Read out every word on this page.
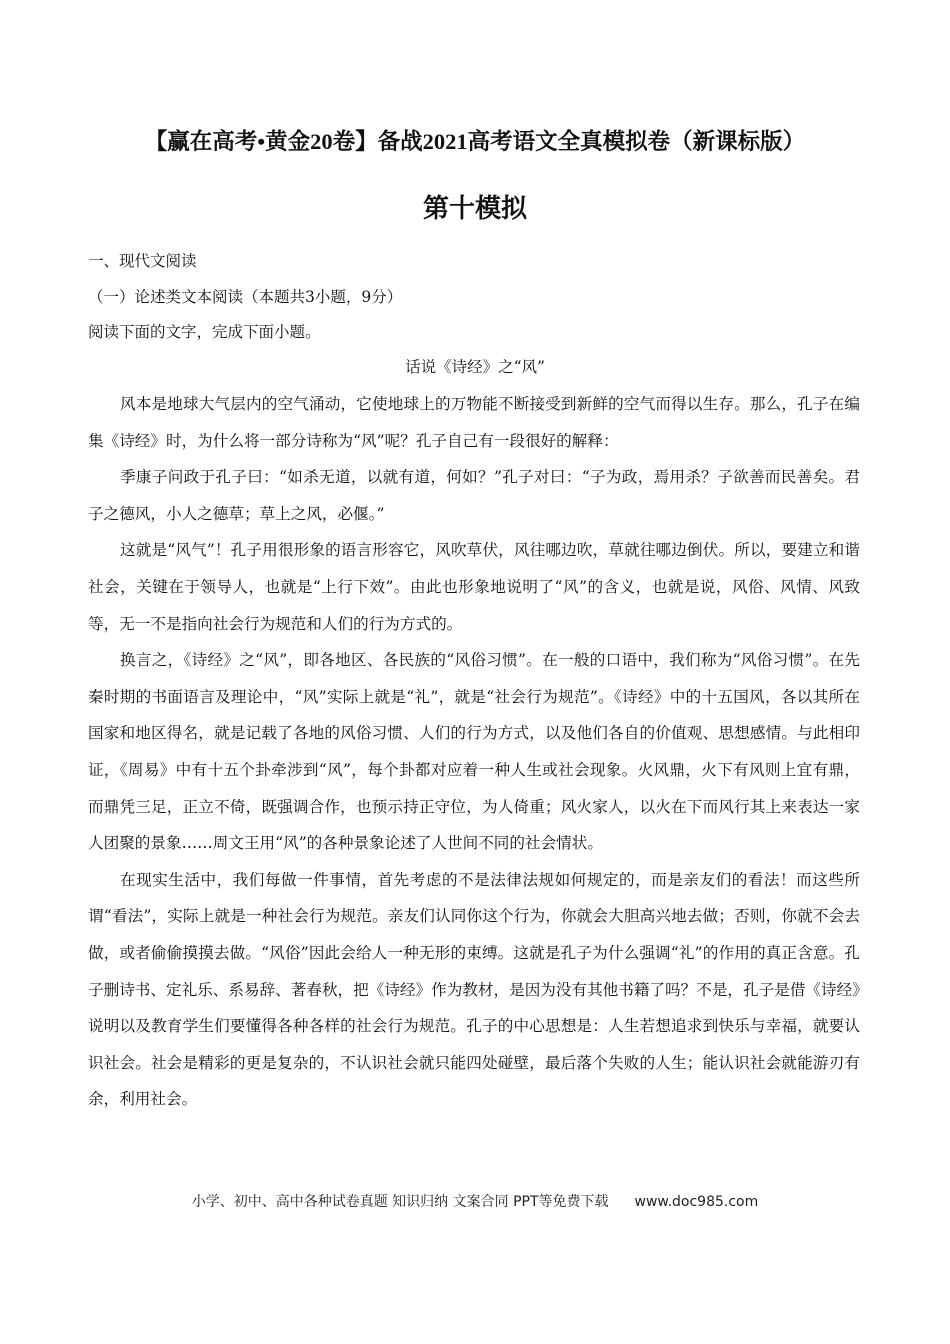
【赢在高考•黄金20卷】备战2021高考语文全真模拟卷（新课标版）
第十模拟
一、现代文阅读
（一）论述类文本阅读（本题共3小题，9分）
阅读下面的文字，完成下面小题。
话说《诗经》之“风”

风本是地球大气层内的空气涌动，它使地球上的万物能不断接受到新鲜的空气而得以生存。那么，孔子在编集《诗经》时，为什么将一部分诗称为“风”呢？孔子自己有一段很好的解释：

季康子问政于孔子曰：“如杀无道，以就有道，何如？”孔子对曰：“子为政，焉用杀？子欲善而民善矣。君子之德风，小人之德草；草上之风，必偃。”

这就是“风气”！孔子用很形象的语言形容它，风吹草伏，风往哪边吹，草就往哪边倒伏。所以，要建立和谐社会，关键在于领导人，也就是“上行下效”。由此也形象地说明了“风”的含义，也就是说，风俗、风情、风致等，无一不是指向社会行为规范和人们的行为方式的。

换言之，《诗经》之“风”，即各地区、各民族的“风俗习惯”。在一般的口语中，我们称为“风俗习惯”。在先秦时期的书面语言及理论中，“风”实际上就是“礼”，就是“社会行为规范”。《诗经》中的十五国风，各以其所在国家和地区得名，就是记载了各地的风俗习惯、人们的行为方式，以及他们各自的价值观、思想感情。与此相印证，《周易》中有十五个卦牵涉到“风”，每个卦都对应着一种人生或社会现象。火风鼎，火下有风则上宜有鼎，而鼎凭三足，正立不倚，既强调合作，也预示持正守位，为人倚重；风火家人，以火在下而风行其上来表达一家人团聚的景象……周文王用“风”的各种景象论述了人世间不同的社会情状。

在现实生活中，我们每做一件事情，首先考虑的不是法律法规如何规定的，而是亲友们的看法！而这些所谓“看法”，实际上就是一种社会行为规范。亲友们认同你这个行为，你就会大胆高兴地去做；否则，你就不会去做，或者偷偷摸摸去做。“风俗”因此会给人一种无形的束缚。这就是孔子为什么强调“礼”的作用的真正含意。孔子删诗书、定礼乐、系易辞、著春秋，把《诗经》作为教材，是因为没有其他书籍了吗？不是，孔子是借《诗经》说明以及教育学生们要懂得各种各样的社会行为规范。孔子的中心思想是：人生若想追求到快乐与幸福，就要认识社会。社会是精彩的更是复杂的，不认识社会就只能四处碰壁，最后落个失败的人生；能认识社会就能游刃有余，利用社会。

小学、初中、高中各种试卷真题 知识归纳 文案合同 PPT等免费下载 www.doc985.com
